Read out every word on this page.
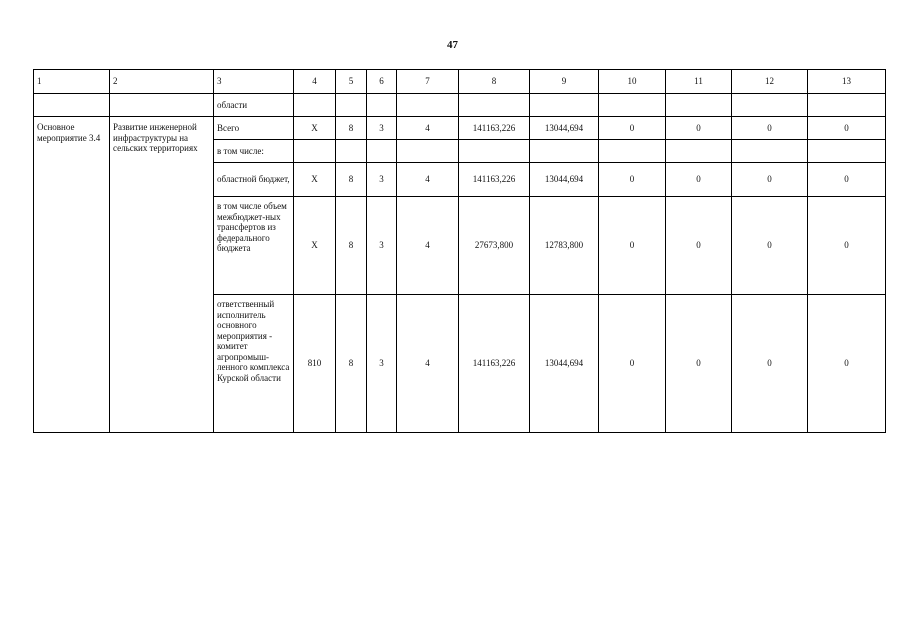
47
1	2	3	4	5	6	7	8	9	10	11	12	13
		области										
Основное мероприятие 3.4	Развитие инженерной инфраструктуры на сельских территориях	Всего	Х	8	3	4	141163,226	13044,694	0	0	0	0
		в том числе:										
		областной бюджет,	Х	8	3	4	141163,226	13044,694	0	0	0	0
		в том числе объем межбюджет-ных трансфертов из федерального бюджета	Х	8	3	4	27673,800	12783,800	0	0	0	0
		ответственный исполнитель основного мероприятия - комитет агропромыш-ленного комплекса Курской области	810	8	3	4	141163,226	13044,694	0	0	0	0
